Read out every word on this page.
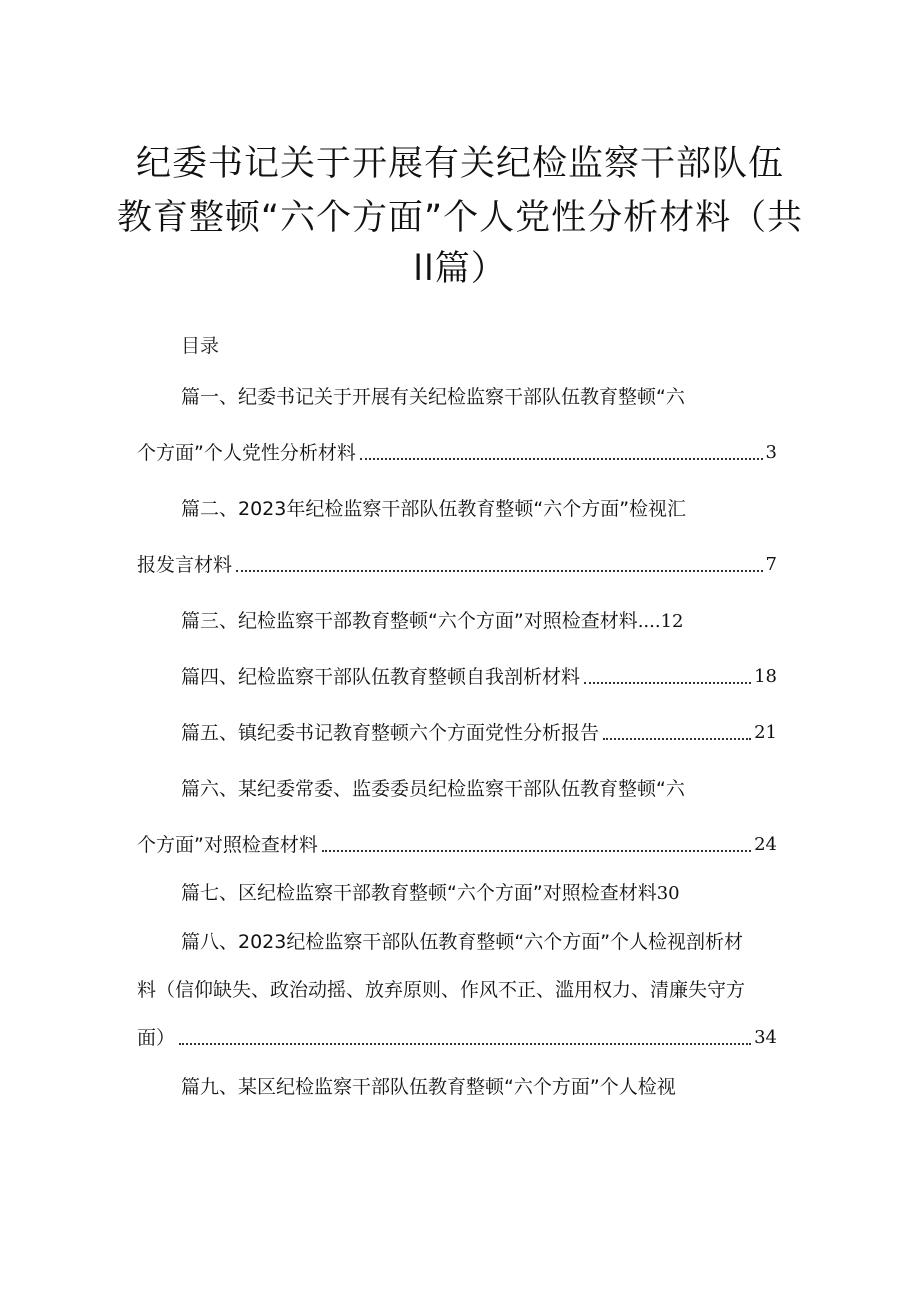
纪委书记关于开展有关纪检监察干部队伍
教育整顿“六个方面”个人党性分析材料（共
ll篇）
目录
篇一、纪委书记关于开展有关纪检监察干部队伍教育整顿“六
个方面”个人党性分析材料	3
篇二、2023年纪检监察干部队伍教育整顿“六个方面”检视汇
报发言材料	7
篇三、纪检监察干部教育整顿“六个方面”对照检查材料....12
篇四、纪检监察干部队伍教育整顿自我剖析材料	18
篇五、镇纪委书记教育整顿六个方面党性分析报告	21
篇六、某纪委常委、监委委员纪检监察干部队伍教育整顿“六
个方面”对照检查材料	24
篇七、区纪检监察干部教育整顿“六个方面”对照检查材料30
篇八、2023纪检监察干部队伍教育整顿“六个方面”个人检视剖析材
料（信仰缺失、政治动摇、放弃原则、作风不正、滥用权力、清廉失守方
面）	34
篇九、某区纪检监察干部队伍教育整顿“六个方面”个人检视
